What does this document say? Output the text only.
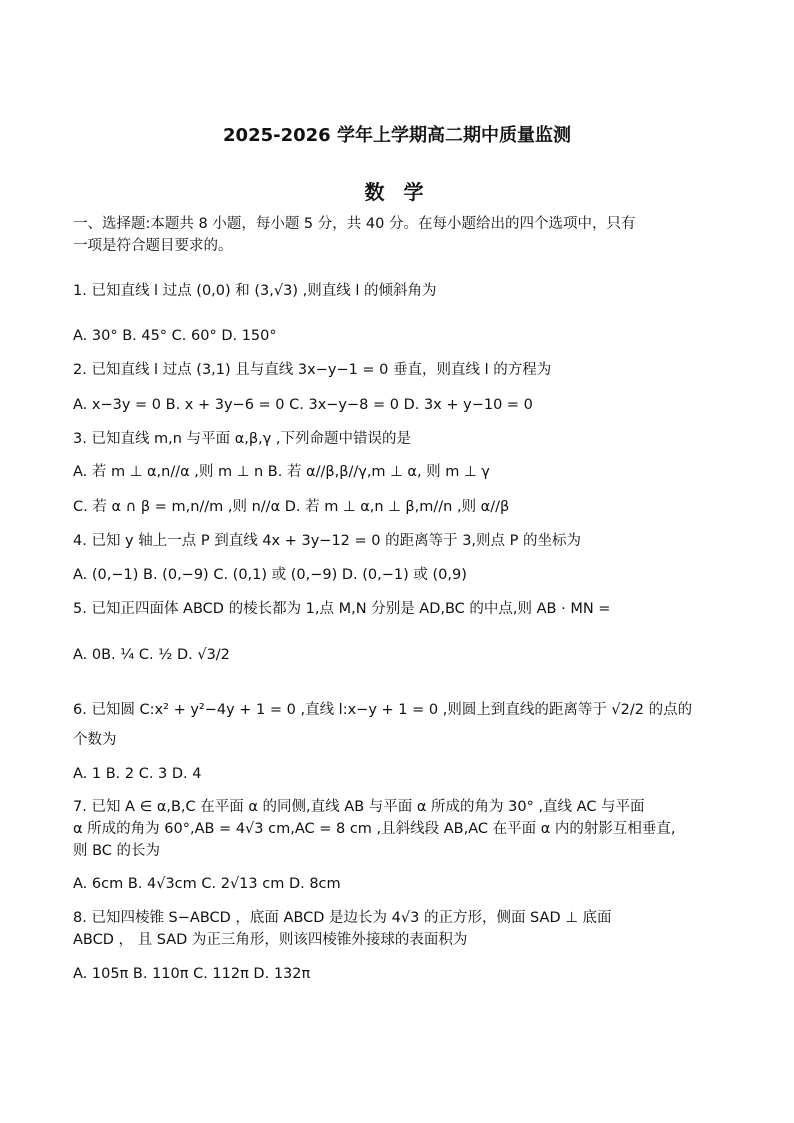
2025-2026 学年上学期高二期中质量监测
数 学
一、选择题:本题共 8 小题，每小题 5 分，共 40 分。在每小题给出的四个选项中，只有
一项是符合题目要求的。
1. 已知直线 l 过点 (0,0) 和 (3,√3) ,则直线 l 的倾斜角为
A. 30° B. 45° C. 60° D. 150°
2. 已知直线 l 过点 (3,1) 且与直线 3x−y−1 = 0 垂直，则直线 l 的方程为
A. x−3y = 0 B. x + 3y−6 = 0 C. 3x−y−8 = 0 D. 3x + y−10 = 0
3. 已知直线 m,n 与平面 α,β,γ ,下列命题中错误的是
A. 若 m ⊥ α,n//α ,则 m ⊥ n B. 若 α//β,β//γ,m ⊥ α, 则 m ⊥ γ
C. 若 α ∩ β = m,n//m ,则 n//α D. 若 m ⊥ α,n ⊥ β,m//n ,则 α//β
4. 已知 y 轴上一点 P 到直线 4x + 3y−12 = 0 的距离等于 3,则点 P 的坐标为
A. (0,−1) B. (0,−9) C. (0,1) 或 (0,−9) D. (0,−1) 或 (0,9)
5. 已知正四面体 ABCD 的棱长都为 1,点 M,N 分别是 AD,BC 的中点,则 AB · MN =
A. 0B. ¼ C. ½ D. √3/2
6. 已知圆 C:x² + y²−4y + 1 = 0 ,直线 l:x−y + 1 = 0 ,则圆上到直线的距离等于 √2/2 的点的
个数为
A. 1 B. 2 C. 3 D. 4
7. 已知 A ∈ α,B,C 在平面 α 的同侧,直线 AB 与平面 α 所成的角为 30° ,直线 AC 与平面
α 所成的角为 60°,AB = 4√3 cm,AC = 8 cm ,且斜线段 AB,AC 在平面 α 内的射影互相垂直,
则 BC 的长为
A. 6cm B. 4√3cm C. 2√13 cm D. 8cm
8. 已知四棱锥 S−ABCD ，底面 ABCD 是边长为 4√3 的正方形，侧面 SAD ⊥ 底面
ABCD ， 且 SAD 为正三角形，则该四棱锥外接球的表面积为
A. 105π B. 110π C. 112π D. 132π
